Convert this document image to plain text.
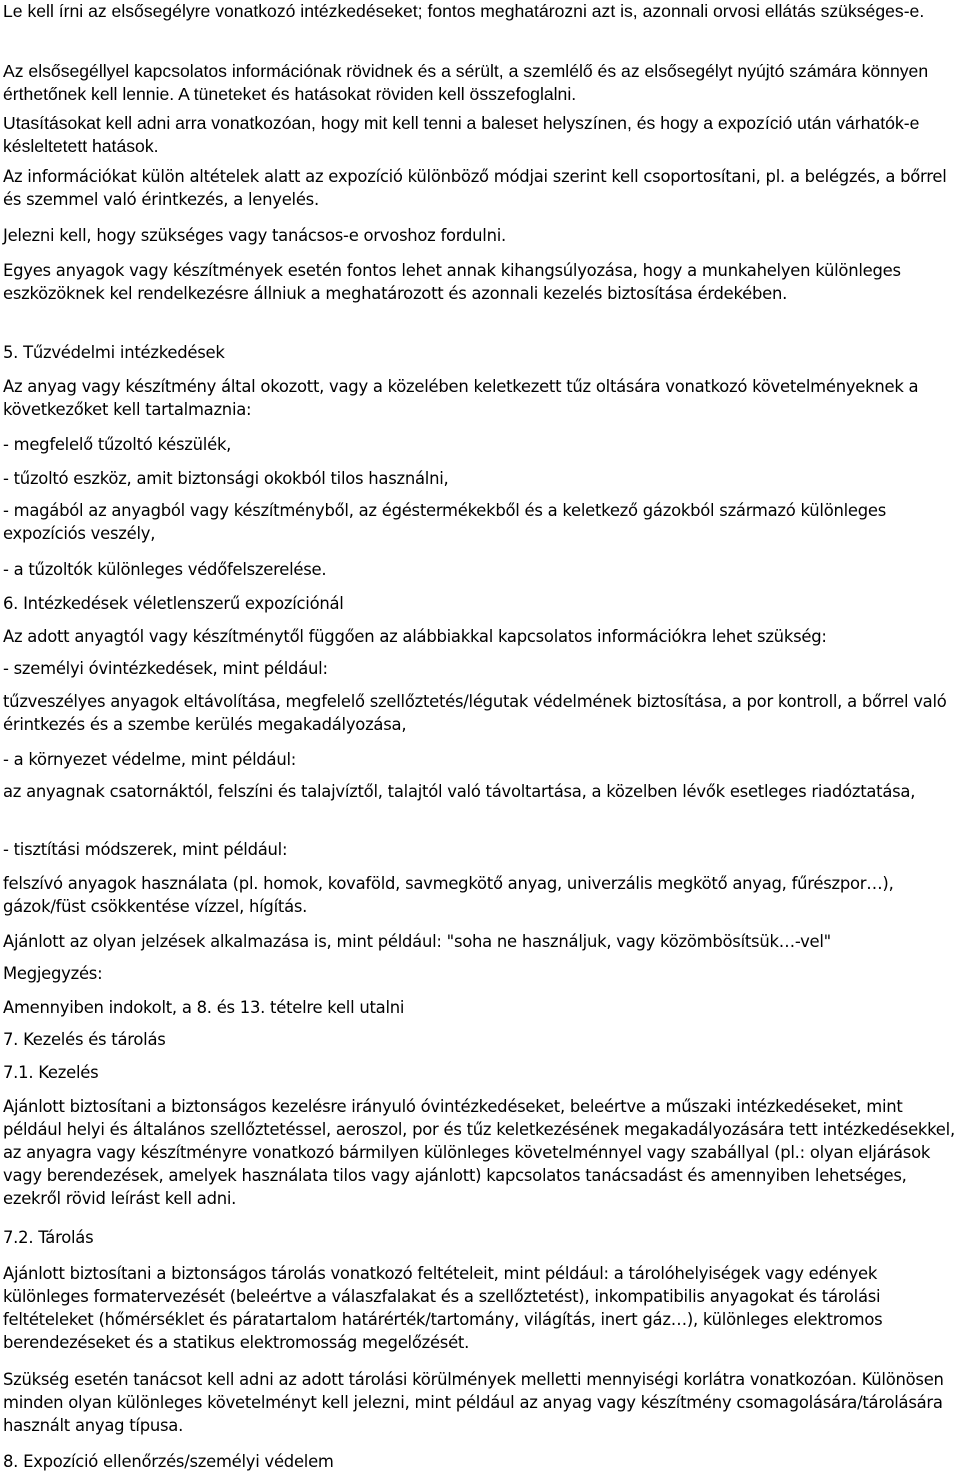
Le kell írni az elsősegélyre vonatkozó intézkedéseket; fontos meghatározni azt is, azonnali orvosi ellátás szükséges-e.

Az elsősegéllyel kapcsolatos információnak rövidnek és a sérült, a szemlélő és az elsősegélyt nyújtó számára könnyen érthetőnek kell lennie. A tüneteket és hatásokat röviden kell összefoglalni.

Utasításokat kell adni arra vonatkozóan, hogy mit kell tenni a baleset helyszínen, és hogy a expozíció után várhatók-e késleltetett hatások.

Az információkat külön altételek alatt az expozíció különböző módjai szerint kell csoportosítani, pl. a belégzés, a bőrrel és szemmel való érintkezés, a lenyelés.

Jelezni kell, hogy szükséges vagy tanácsos-e orvoshoz fordulni.

Egyes anyagok vagy készítmények esetén fontos lehet annak kihangsúlyozása, hogy a munkahelyen különleges eszközöknek kel rendelkezésre állniuk a meghatározott és azonnali kezelés biztosítása érdekében.

5. Tűzvédelmi intézkedések

Az anyag vagy készítmény által okozott, vagy a közelében keletkezett tűz oltására vonatkozó követelményeknek a következőket kell tartalmaznia:

- megfelelő tűzoltó készülék,

- tűzoltó eszköz, amit biztonsági okokból tilos használni,

- magából az anyagból vagy készítményből, az égéstermékekből és a keletkező gázokból származó különleges expozíciós veszély,

- a tűzoltók különleges védőfelszerelése.

6. Intézkedések véletlenszerű expozíciónál

Az adott anyagtól vagy készítménytől függően az alábbiakkal kapcsolatos információkra lehet szükség:

- személyi óvintézkedések, mint például:

tűzveszélyes anyagok eltávolítása, megfelelő szellőztetés/légutak védelmének biztosítása, a por kontroll, a bőrrel való érintkezés és a szembe kerülés megakadályozása,

- a környezet védelme, mint például:

az anyagnak csatornáktól, felszíni és talajvíztől, talajtól való távoltartása, a közelben lévők esetleges riadóztatása,

- tisztítási módszerek, mint például:

felszívó anyagok használata (pl. homok, kovaföld, savmegkötő anyag, univerzális megkötő anyag, fűrészpor…), gázok/füst csökkentése vízzel, hígítás.

Ajánlott az olyan jelzések alkalmazása is, mint például: "soha ne használjuk, vagy közömbösítsük…-vel"

Megjegyzés:

Amennyiben indokolt, a 8. és 13. tételre kell utalni

7. Kezelés és tárolás

7.1. Kezelés

Ajánlott biztosítani a biztonságos kezelésre irányuló óvintézkedéseket, beleértve a műszaki intézkedéseket, mint például helyi és általános szellőztetéssel, aeroszol, por és tűz keletkezésének megakadályozására tett intézkedésekkel, az anyagra vagy készítményre vonatkozó bármilyen különleges követelménnyel vagy szabállyal (pl.: olyan eljárások vagy berendezések, amelyek használata tilos vagy ajánlott) kapcsolatos tanácsadást és amennyiben lehetséges, ezekről rövid leírást kell adni.

7.2. Tárolás

Ajánlott biztosítani a biztonságos tárolás vonatkozó feltételeit, mint például: a tárolóhelyiségek vagy edények különleges formatervezését (beleértve a válaszfalakat és a szellőztetést), inkompatibilis anyagokat és tárolási feltételeket (hőmérséklet és páratartalom határérték/tartomány, világítás, inert gáz…), különleges elektromos berendezéseket és a statikus elektromosság megelőzését.

Szükség esetén tanácsot kell adni az adott tárolási körülmények melletti mennyiségi korlátra vonatkozóan. Különösen minden olyan különleges követelményt kell jelezni, mint például az anyag vagy készítmény csomagolására/tárolására használt anyag típusa.

8. Expozíció ellenőrzés/személyi védelem
